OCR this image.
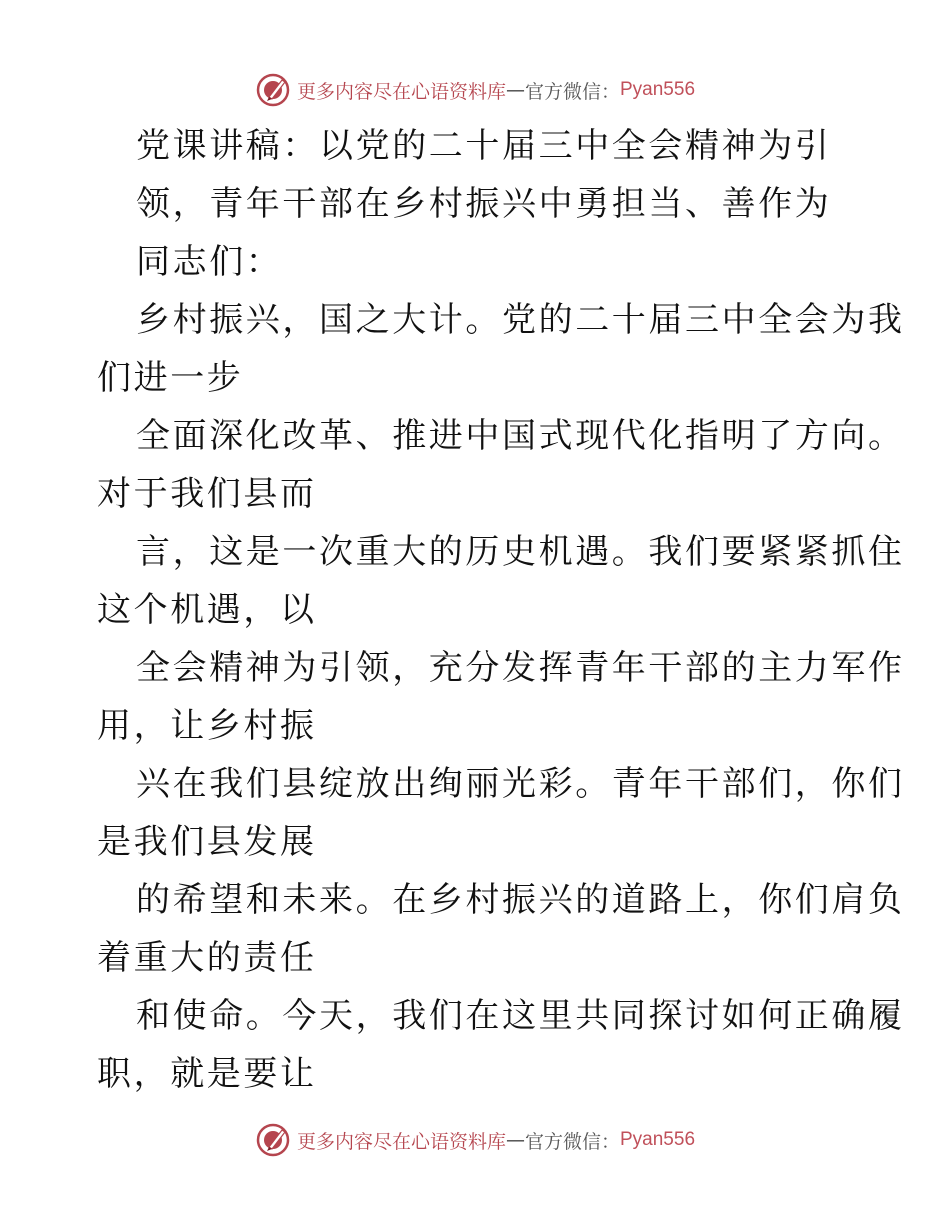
更多内容尽在心语资料库 — 官方微信： Pyan556
党课讲稿：以党的二十届三中全会精神为引
领，青年干部在乡村振兴中勇担当、善作为
同志们：
乡村振兴，国之大计。党的二十届三中全会为我
们进一步
全面深化改革、推进中国式现代化指明了方向。
对于我们县而
言，这是一次重大的历史机遇。我们要紧紧抓住
这个机遇，以
全会精神为引领，充分发挥青年干部的主力军作
用，让乡村振
兴在我们县绽放出绚丽光彩。青年干部们，你们
是我们县发展
的希望和未来。在乡村振兴的道路上，你们肩负
着重大的责任
和使命。今天，我们在这里共同探讨如何正确履
职，就是要让
更多内容尽在心语资料库 — 官方微信： Pyan556
